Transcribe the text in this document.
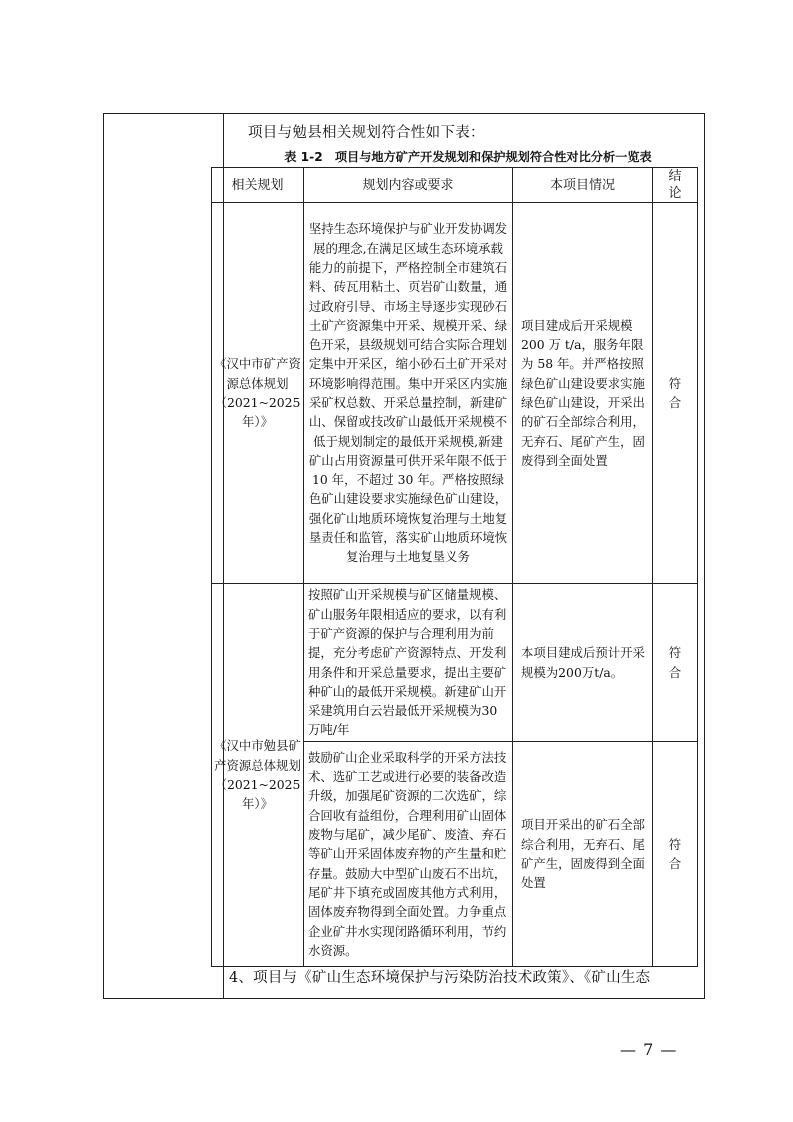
项目与勉县相关规划符合性如下表：
表 1-2　项目与地方矿产开发规划和保护规划符合性对比分析一览表
相关规划	规划内容或要求	本项目情况	结论
《汉中市矿产资源总体规划（2021~2025年）》	坚持生态环境保护与矿业开发协调发展的理念,在满足区域生态环境承载能力的前提下，严格控制全市建筑石料、砖瓦用粘土、页岩矿山数量，通过政府引导、市场主导逐步实现砂石土矿产资源集中开采、规模开采、绿色开采，县级规划可结合实际合理划定集中开采区，缩小砂石土矿开采对环境影响得范围。集中开采区内实施采矿权总数、开采总量控制，新建矿山、保留或技改矿山最低开采规模不低于规划制定的最低开采规模,新建矿山占用资源量可供开采年限不低于 10 年，不超过 30 年。严格按照绿色矿山建设要求实施绿色矿山建设，强化矿山地质环境恢复治理与土地复垦责任和监管，落实矿山地质环境恢复治理与土地复垦义务	项目建成后开采规模 200 万 t/a，服务年限为 58 年。并严格按照绿色矿山建设要求实施绿色矿山建设，开采出的矿石全部综合利用，无弃石、尾矿产生，固废得到全面处置	符合
《汉中市勉县矿产资源总体规划（2021~2025年）》	按照矿山开采规模与矿区储量规模、矿山服务年限相适应的要求，以有利于矿产资源的保护与合理利用为前提，充分考虑矿产资源特点、开发利用条件和开采总量要求，提出主要矿种矿山的最低开采规模。新建矿山开采建筑用白云岩最低开采规模为30万吨/年	本项目建成后预计开采规模为200万t/a。	符合
	鼓励矿山企业采取科学的开采方法技术、选矿工艺或进行必要的装备改造升级，加强尾矿资源的二次选矿，综合回收有益组份，合理利用矿山固体废物与尾矿，减少尾矿、废渣、弃石等矿山开采固体废弃物的产生量和贮存量。鼓励大中型矿山废石不出坑，尾矿井下填充或固废其他方式利用，固体废弃物得到全面处置。力争重点企业矿井水实现闭路循环利用，节约水资源。	项目开采出的矿石全部综合利用，无弃石、尾矿产生，固废得到全面处置	符合
4、项目与《矿山生态环境保护与污染防治技术政策》、《矿山生态
— 7 —
